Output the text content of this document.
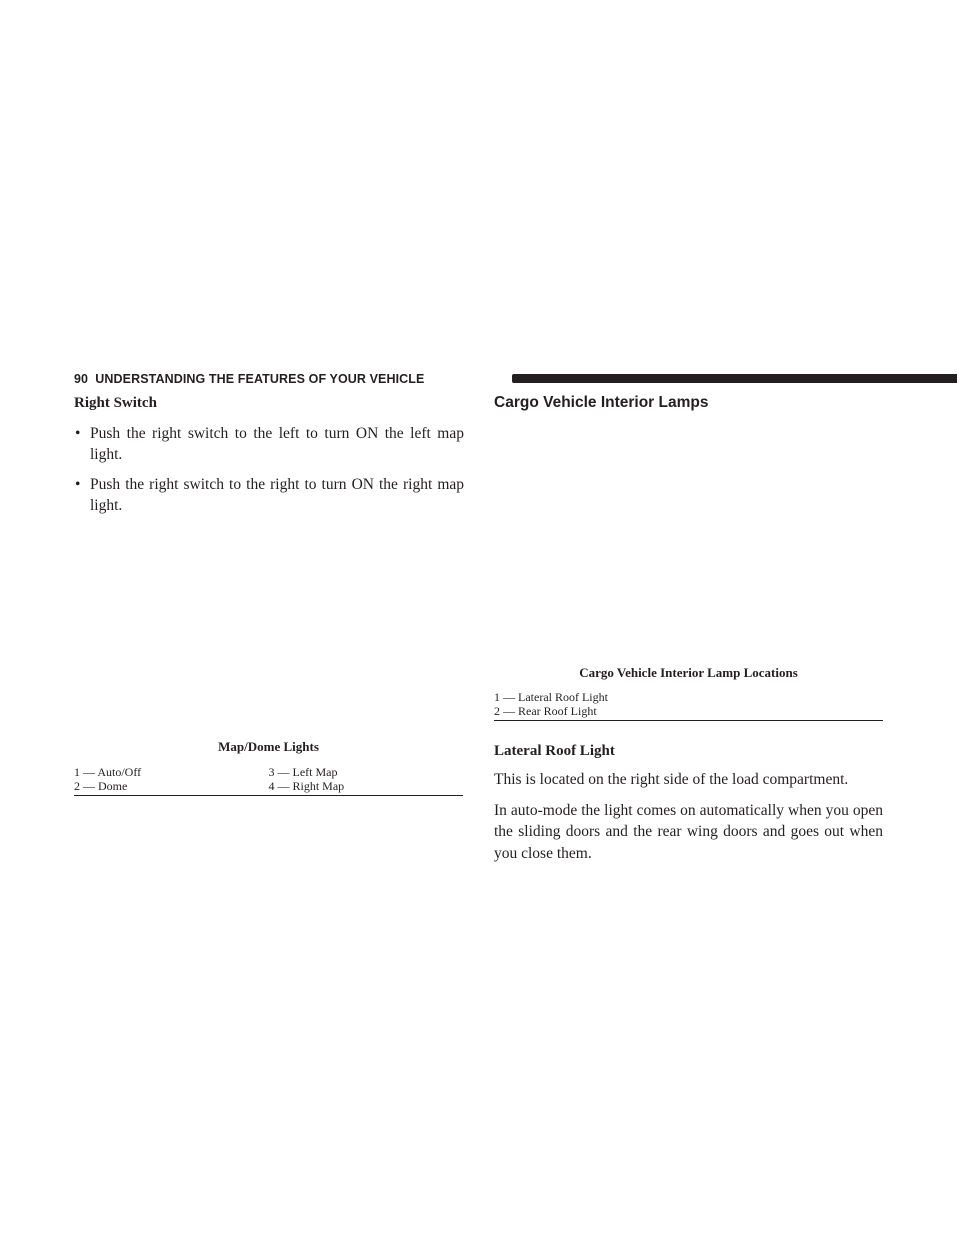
90 UNDERSTANDING THE FEATURES OF YOUR VEHICLE
Right Switch
• Push the right switch to the left to turn ON the left map light.
• Push the right switch to the right to turn ON the right map light.
Map/Dome Lights
1 — Auto/Off	3 — Left Map
2 — Dome	4 — Right Map
Cargo Vehicle Interior Lamps
Cargo Vehicle Interior Lamp Locations
1 — Lateral Roof Light
2 — Rear Roof Light
Lateral Roof Light

This is located on the right side of the load compartment.

In auto-mode the light comes on automatically when you open the sliding doors and the rear wing doors and goes out when you close them.
